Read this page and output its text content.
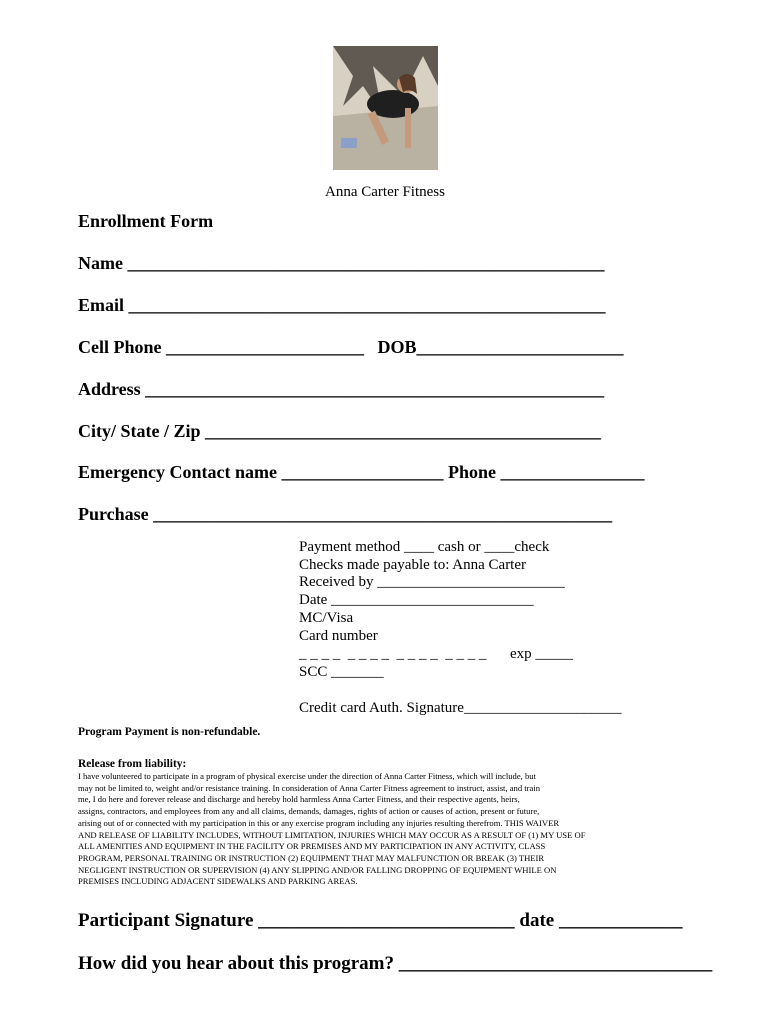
Anna Carter Fitness
Enrollment Form
Name _____________________________________________________
Email _____________________________________________________
Cell Phone ______________________   DOB_______________________
Address ___________________________________________________
City/ State / Zip ____________________________________________
Emergency Contact name __________________ Phone ________________
Purchase ___________________________________________________
Payment method ____ cash or ____check
Checks made payable to: Anna Carter
Received by _________________________
Date ___________________________
MC/Visa
Card number
_ _ _ _  _ _ _ _  _ _ _ _  _ _ _ _ exp _____
SCC _______
Credit card Auth. Signature_____________________
Program Payment is non-refundable.
Release from liability:
I have volunteered to participate in a program of physical exercise under the direction of Anna Carter Fitness, which will include, but
may not be limited to, weight and/or resistance training. In consideration of Anna Carter Fitness agreement to instruct, assist, and train
me, I do here and forever release and discharge and hereby hold harmless Anna Carter Fitness, and their respective agents, heirs,
assigns, contractors, and employees from any and all claims, demands, damages, rights of action or causes of action, present or future,
arising out of or connected with my participation in this or any exercise program including any injuries resulting therefrom. THIS WAIVER
AND RELEASE OF LIABILITY INCLUDES, WITHOUT LIMITATION, INJURIES WHICH MAY OCCUR AS A RESULT OF (1) MY USE OF
ALL AMENITIES AND EQUIPMENT IN THE FACILITY OR PREMISES AND MY PARTICIPATION IN ANY ACTIVITY, CLASS
PROGRAM, PERSONAL TRAINING OR INSTRUCTION (2) EQUIPMENT THAT MAY MALFUNCTION OR BREAK (3) THEIR
NEGLIGENT INSTRUCTION OR SUPERVISION (4) ANY SLIPPING AND/OR FALLING DROPPING OF EQUIPMENT WHILE ON
PREMISES INCLUDING ADJACENT SIDEWALKS AND PARKING AREAS.
Participant Signature ___________________________ date _____________
How did you hear about this program? _________________________________
